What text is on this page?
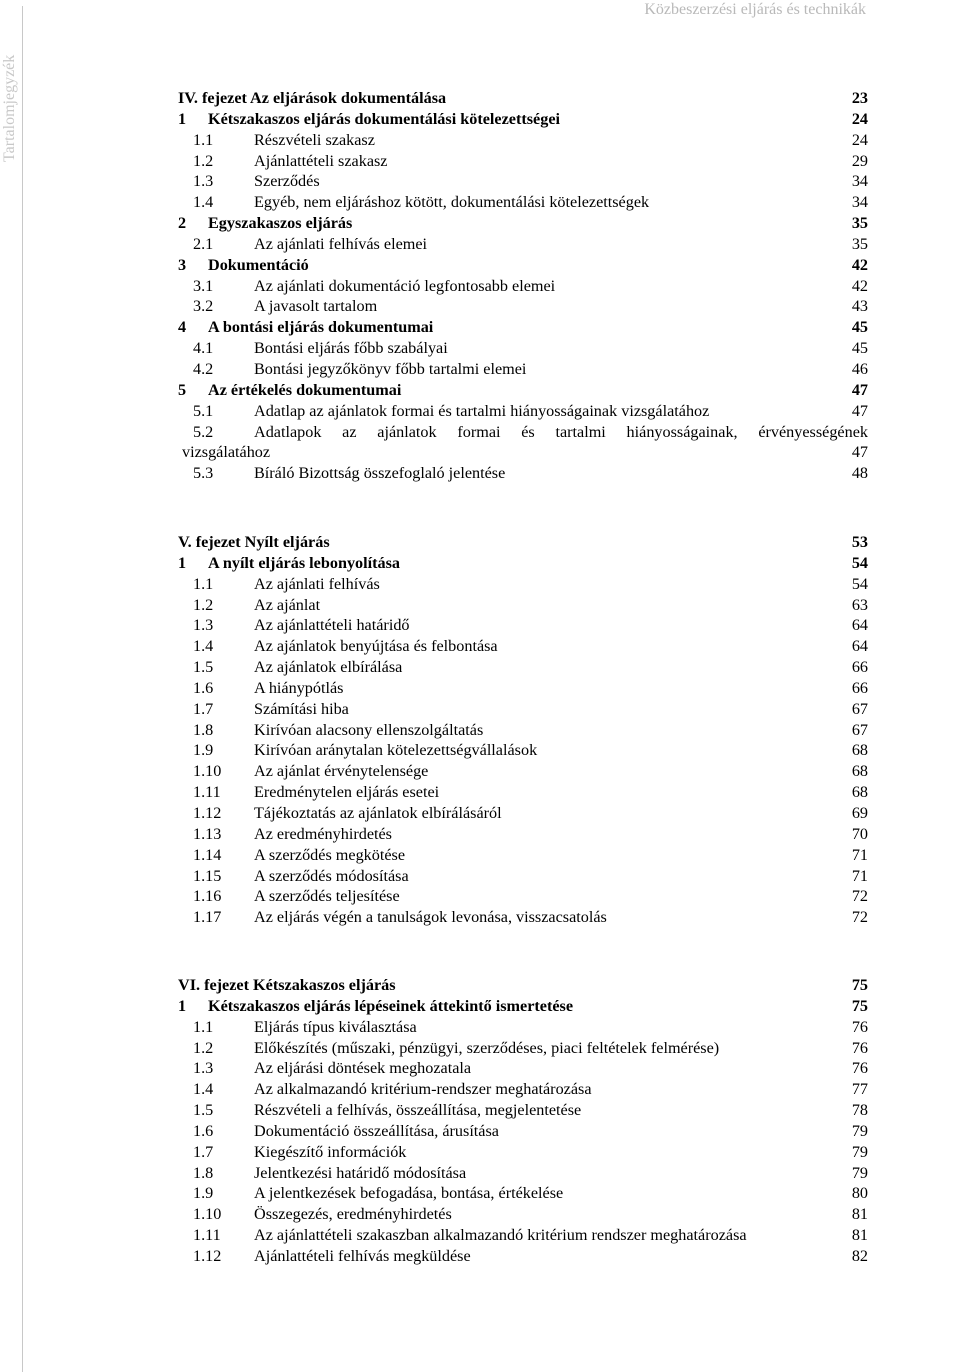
Közbeszerzési eljárás és technikák
Tartalomjegyzék	IV. fejezet Az eljárások dokumentálása	23
1 Kétszakaszos eljárás dokumentálási kötelezettségei	24
1.1	Részvételi szakasz	24
1.2	Ajánlattételi szakasz	29
1.3	Szerződés	34
1.4	Egyéb, nem eljáráshoz kötött, dokumentálási kötelezettségek	34
2 Egyszakaszos eljárás	35
2.1	Az ajánlati felhívás elemei	35
3 Dokumentáció	42
3.1	Az ajánlati dokumentáció legfontosabb elemei	42
3.2	A javasolt tartalom	43
4 A bontási eljárás dokumentumai	45
4.1	Bontási eljárás főbb szabályai	45
4.2	Bontási jegyzőkönyv főbb tartalmi elemei	46
5 Az értékelés dokumentumai	47
5.1	Adatlap az ajánlatok formai és tartalmi hiányosságainak vizsgálatához	47
5.2	Adatlapok az ajánlatok formai és tartalmi hiányosságainak, érvényességének
vizsgálatához	47
5.3	Bíráló Bizottság összefoglaló jelentése	48
V. fejezet Nyílt eljárás	53
1 A nyílt eljárás lebonyolítása	54
1.1	Az ajánlati felhívás	54
1.2	Az ajánlat	63
1.3	Az ajánlattételi határidő	64
1.4	Az ajánlatok benyújtása és felbontása	64
1.5	Az ajánlatok elbírálása	66
1.6	A hiánypótlás	66
1.7	Számítási hiba	67
1.8	Kirívóan alacsony ellenszolgáltatás	67
1.9	Kirívóan aránytalan kötelezettségvállalások	68
1.10 Az ajánlat érvénytelensége	68
1.11 Eredménytelen eljárás esetei	68
1.12 Tájékoztatás az ajánlatok elbírálásáról	69
1.13 Az eredményhirdetés	70
1.14 A szerződés megkötése	71
1.15 A szerződés módosítása	71
1.16 A szerződés teljesítése	72
1.17 Az eljárás végén a tanulságok levonása, visszacsatolás	72
VI. fejezet Kétszakaszos eljárás	75
1 Kétszakaszos eljárás lépéseinek áttekintő ismertetése	75
1.1	Eljárás típus kiválasztása	76
1.2	Előkészítés (műszaki, pénzügyi, szerződéses, piaci feltételek felmérése)	76
1.3	Az eljárási döntések meghozatala	76
1.4	Az alkalmazandó kritérium-rendszer meghatározása	77
1.5	Részvételi a felhívás, összeállítása, megjelentetése	78
1.6	Dokumentáció összeállítása, árusítása	79
1.7	Kiegészítő információk	79
1.8	Jelentkezési határidő módosítása	79
1.9	A jelentkezések befogadása, bontása, értékelése	80
1.10 Összegezés, eredményhirdetés	81
1.11 Az ajánlattételi szakaszban alkalmazandó kritérium rendszer meghatározása	81
1.12 Ajánlattételi felhívás megküldése	82
